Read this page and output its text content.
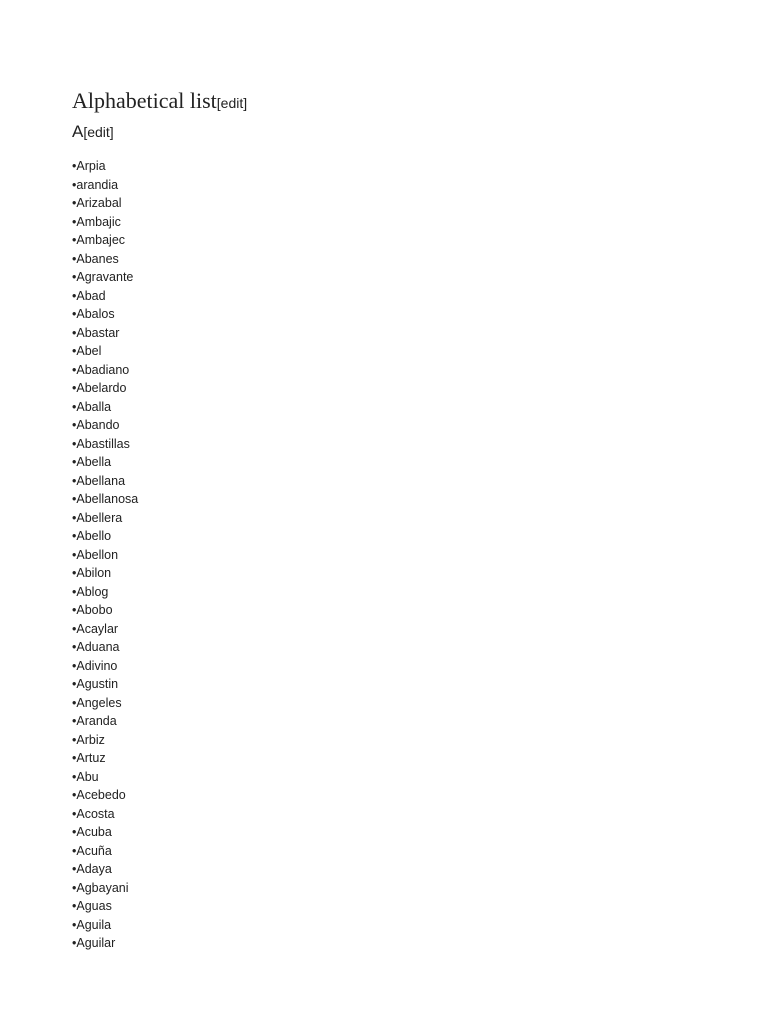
Alphabetical list[edit]
A[edit]
•Arpia
•arandia
•Arizabal
•Ambajic
•Ambajec
•Abanes
•Agravante
•Abad
•Abalos
•Abastar
•Abel
•Abadiano
•Abelardo
•Aballa
•Abando
•Abastillas
•Abella
•Abellana
•Abellanosa
•Abellera
•Abello
•Abellon
•Abilon
•Ablog
•Abobo
•Acaylar
•Aduana
•Adivino
•Agustin
•Angeles
•Aranda
•Arbiz
•Artuz
•Abu
•Acebedo
•Acosta
•Acuba
•Acuña
•Adaya
•Agbayani
•Aguas
•Aguila
•Aguilar
